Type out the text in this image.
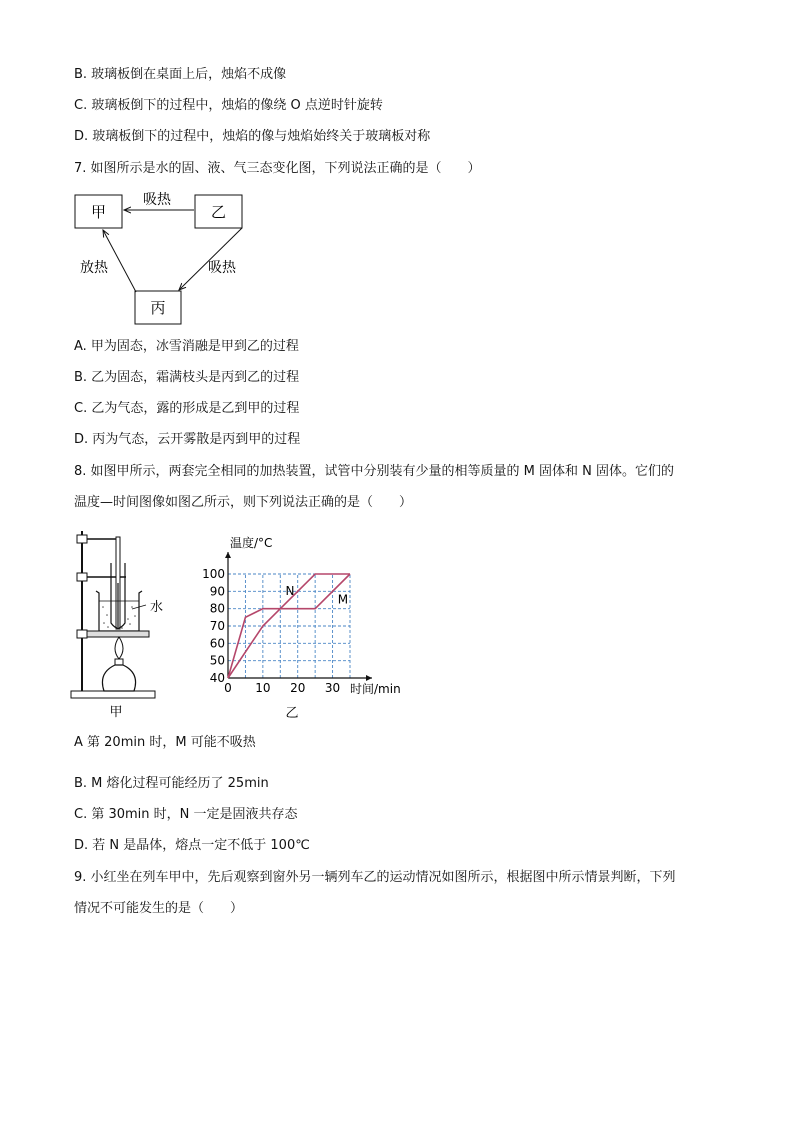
B. 玻璃板倒在桌面上后，烛焰不成像
C. 玻璃板倒下的过程中，烛焰的像绕 O 点逆时针旋转
D. 玻璃板倒下的过程中，烛焰的像与烛焰始终关于玻璃板对称
7. 如图所示是水的固、液、气三态变化图，下列说法正确的是（　　）
甲	乙
丙
吸热
吸热
放热
A. 甲为固态，冰雪消融是甲到乙的过程
B. 乙为固态，霜满枝头是丙到乙的过程
C. 乙为气态，露的形成是乙到甲的过程
D. 丙为气态，云开雾散是丙到甲的过程
8. 如图甲所示，两套完全相同的加热装置，试管中分别装有少量的相等质量的 M 固体和 N 固体。它们的
温度—时间图像如图乙所示，则下列说法正确的是（　　）
水
甲
0 10 20 30
40
50
60
70
80
90
100
N
M
温度/°C
时间/min
乙
A 第 20min 时，M 可能不吸热
B. M 熔化过程可能经历了 25min
C. 第 30min 时，N 一定是固液共存态
D. 若 N 是晶体，熔点一定不低于 100℃
9. 小红坐在列车甲中，先后观察到窗外另一辆列车乙的运动情况如图所示，根据图中所示情景判断，下列
情况不可能发生的是（　　）
